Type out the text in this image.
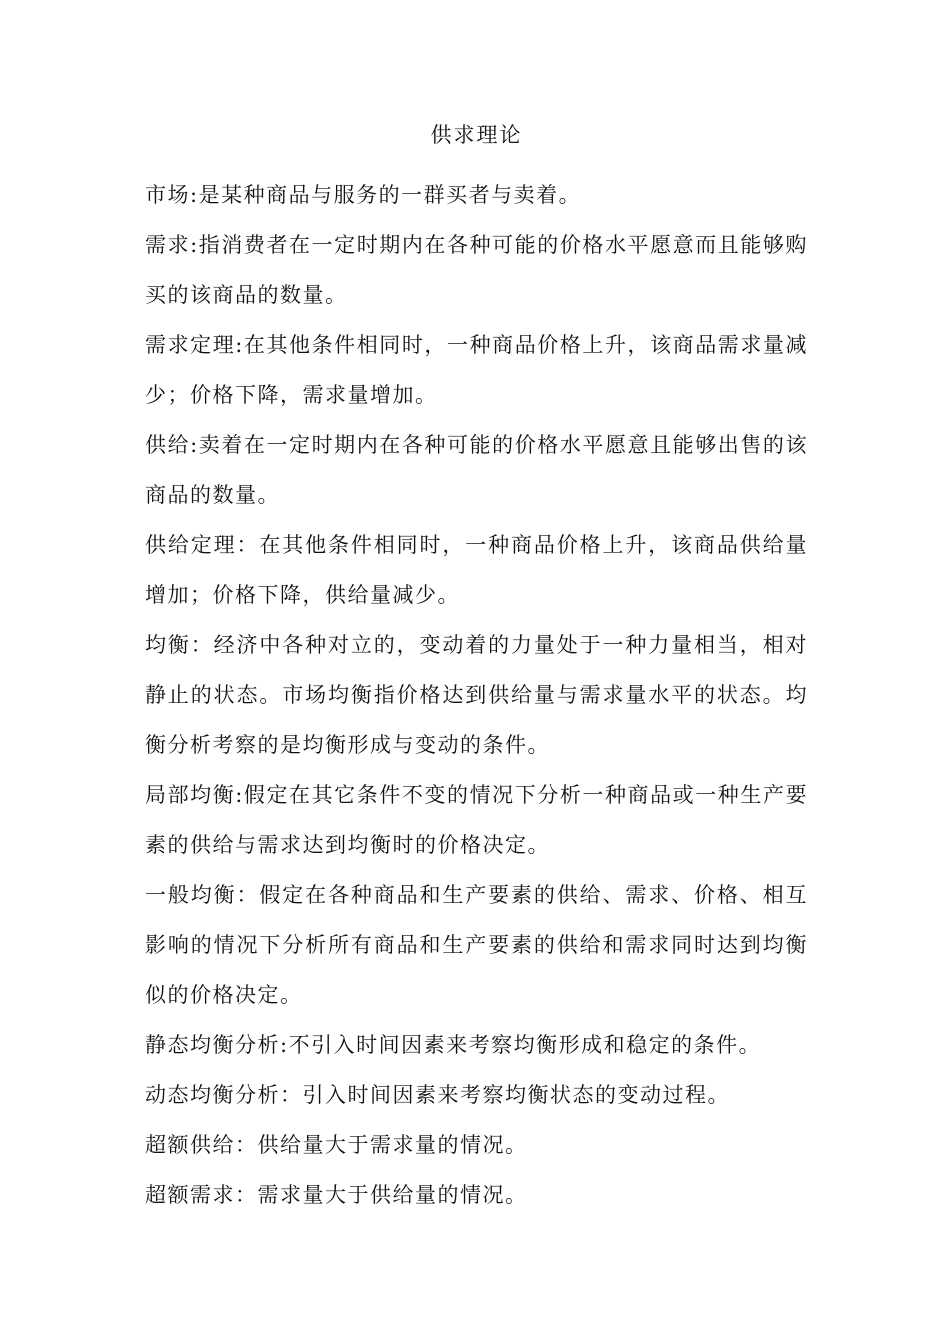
供求理论

市场:是某种商品与服务的一群买者与卖着。

需求:指消费者在一定时期内在各种可能的价格水平愿意而且能够购买的该商品的数量。

需求定理:在其他条件相同时，一种商品价格上升，该商品需求量减少；价格下降，需求量增加。

供给:卖着在一定时期内在各种可能的价格水平愿意且能够出售的该商品的数量。

供给定理：在其他条件相同时，一种商品价格上升，该商品供给量增加；价格下降，供给量减少。

均衡：经济中各种对立的，变动着的力量处于一种力量相当，相对静止的状态。市场均衡指价格达到供给量与需求量水平的状态。均衡分析考察的是均衡形成与变动的条件。

局部均衡:假定在其它条件不变的情况下分析一种商品或一种生产要素的供给与需求达到均衡时的价格决定。

一般均衡：假定在各种商品和生产要素的供给、需求、价格、相互影响的情况下分析所有商品和生产要素的供给和需求同时达到均衡似的价格决定。

静态均衡分析:不引入时间因素来考察均衡形成和稳定的条件。

动态均衡分析：引入时间因素来考察均衡状态的变动过程。

超额供给：供给量大于需求量的情况。

超额需求：需求量大于供给量的情况。
